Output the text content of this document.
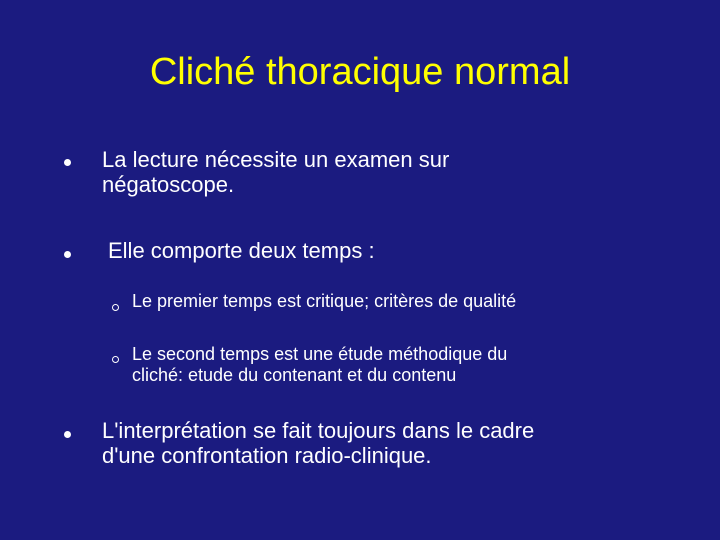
Cliché thoracique normal
La lecture nécessite un examen sur
négatoscope.
Elle comporte deux temps :
Le premier temps est critique; critères de qualité
Le second temps est une étude méthodique du
cliché: etude du contenant et du contenu
L'interprétation se fait toujours dans le cadre
d'une confrontation radio-clinique.
